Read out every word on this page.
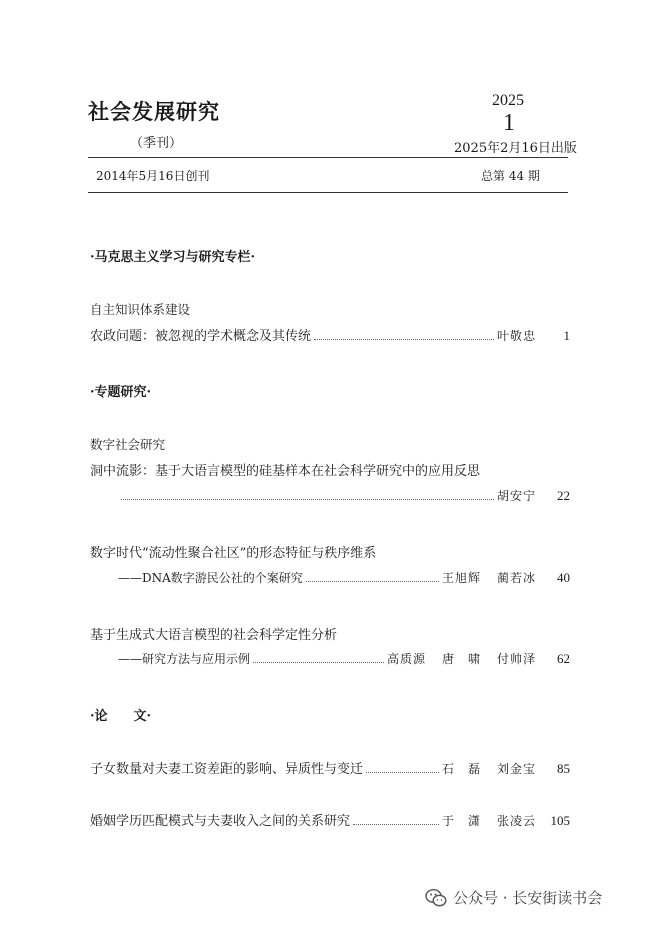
社会发展研究
（季刊）
2025
1
2025年2月16日出版
2014年5月16日创刊	总第 44 期
·马克思主义学习与研究专栏·
自主知识体系建设
农政问题：被忽视的学术概念及其传统	叶敬忠	1
·专题研究·
数字社会研究
洞中流影：基于大语言模型的硅基样本在社会科学研究中的应用反思
胡安宁	22
数字时代“流动性聚合社区”的形态特征与秩序维系
——DNA数字游民公社的个案研究	王旭辉 蔺若冰	40
基于生成式大语言模型的社会科学定性分析
——研究方法与应用示例	高质源 唐　啸 付帅泽	62
·论　　文·
子女数量对夫妻工资差距的影响、异质性与变迁	石　磊 刘金宝	85
婚姻学历匹配模式与夫妻收入之间的关系研究	于　潇 张凌云	105
公众号 · 长安街读书会
